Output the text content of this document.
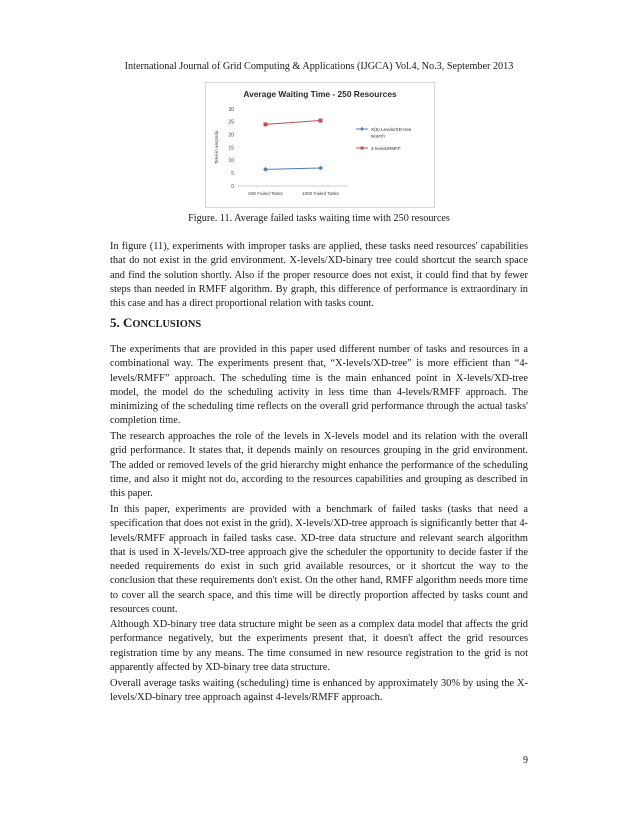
International Journal of Grid Computing & Applications (IJGCA) Vol.4, No.3, September 2013
Average Waiting Time - 250 Resources
Time in seconds
0
5
10
15
20
25
30
500 Failed Tasks	1000 Failed Tasks
X(5) Levels/XD-tree
search
4-levels/RMFF
Figure. 11. Average failed tasks waiting time with 250 resources

In figure (11), experiments with improper tasks are applied, these tasks need resources' capabilities that do not exist in the grid environment. X-levels/XD-binary tree could shortcut the search space and find the solution shortly. Also if the proper resource does not exist, it could find that by fewer steps than needed in RMFF algorithm. By graph, this difference of performance is extraordinary in this case and has a direct proportional relation with tasks count.

5. CONCLUSIONS

The experiments that are provided in this paper used different number of tasks and resources in a combinational way. The experiments present that, “X-levels/XD-tree” is more efficient than “4-levels/RMFF” approach. The scheduling time is the main enhanced point in X-levels/XD-tree model, the model do the scheduling activity in less time than 4-levels/RMFF approach. The minimizing of the scheduling time reflects on the overall grid performance through the actual tasks' completion time.

The research approaches the role of the levels in X-levels model and its relation with the overall grid performance. It states that, it depends mainly on resources grouping in the grid environment. The added or removed levels of the grid hierarchy might enhance the performance of the scheduling time, and also it might not do, according to the resources capabilities and grouping as described in this paper.

In this paper, experiments are provided with a benchmark of failed tasks (tasks that need a specification that does not exist in the grid). X-levels/XD-tree approach is significantly better that 4-levels/RMFF approach in failed tasks case. XD-tree data structure and relevant search algorithm that is used in X-levels/XD-tree approach give the scheduler the opportunity to decide faster if the needed requirements do exist in such grid available resources, or it shortcut the way to the conclusion that these requirements don't exist. On the other hand, RMFF algorithm needs more time to cover all the search space, and this time will be directly proportion affected by tasks count and resources count.

Although XD-binary tree data structure might be seen as a complex data model that affects the grid performance negatively, but the experiments present that, it doesn't affect the grid resources registration time by any means. The time consumed in new resource registration to the grid is not apparently affected by XD-binary tree data structure.

Overall average tasks waiting (scheduling) time is enhanced by approximately 30% by using the X-levels/XD-binary tree approach against 4-levels/RMFF approach.

9
